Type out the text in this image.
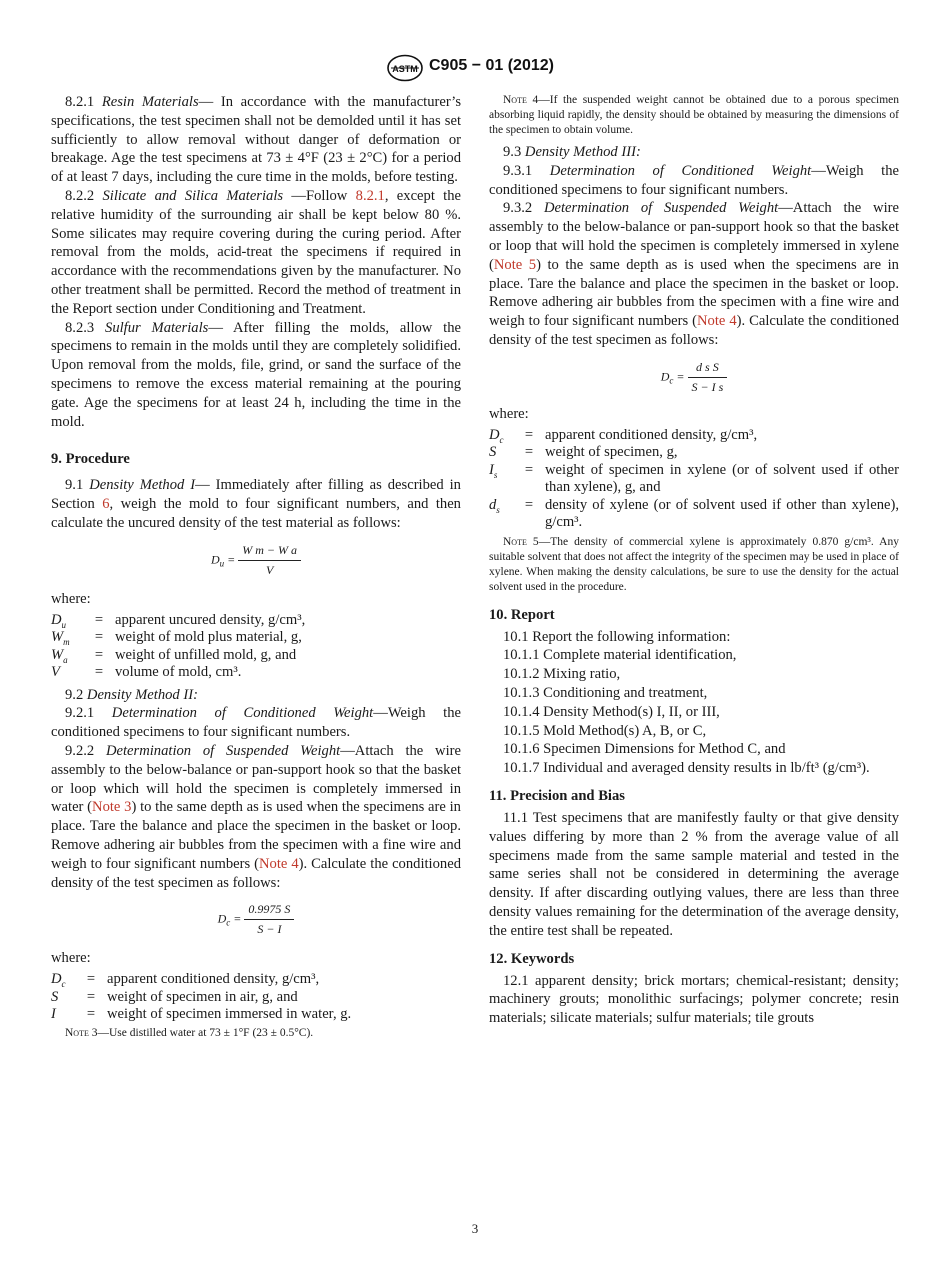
ASTM C905 − 01 (2012)

8.2.1 Resin Materials— In accordance with the manufacturer’s specifications, the test specimen shall not be demolded until it has set sufficiently to allow removal without danger of deformation or breakage. Age the test specimens at 73 ± 4°F (23 ± 2°C) for a period of at least 7 days, including the cure time in the molds, before testing.

8.2.2 Silicate and Silica Materials —Follow 8.2.1, except the relative humidity of the surrounding air shall be kept below 80 %. Some silicates may require covering during the curing period. After removal from the molds, acid-treat the specimens if required in accordance with the recommendations given by the manufacturer. No other treatment shall be permitted. Record the method of treatment in the Report section under Conditioning and Treatment.

8.2.3 Sulfur Materials— After filling the molds, allow the specimens to remain in the molds until they are completely solidified. Upon removal from the molds, file, grind, or sand the surface of the specimens to remove the excess material remaining at the pouring gate. Age the specimens for at least 24 h, including the time in the mold.

9. Procedure

9.1 Density Method I— Immediately after filling as described in Section 6, weigh the mold to four significant numbers, and then calculate the uncured density of the test material as follows:

$D_u = \frac{\text{W m − W a}}{V}$

where:

$D_u$	=	apparent uncured density, g/cm³,
$W_m$	=	weight of mold plus material, g,
$W_a$	=	weight of unfilled mold, g, and
V	=	volume of mold, cm³.

9.2 Density Method II:

9.2.1 Determination of Conditioned Weight—Weigh the conditioned specimens to four significant numbers.

9.2.2 Determination of Suspended Weight—Attach the wire assembly to the below-balance or pan-support hook so that the basket or loop which will hold the specimen is completely immersed in water (Note 3) to the same depth as is used when the specimens are in place. Tare the balance and place the specimen in the basket or loop. Remove adhering air bubbles from the specimen with a fine wire and weigh to four significant numbers (Note 4). Calculate the conditioned density of the test specimen as follows:

$D_c = \frac{0.9975 S}{S - I}$

where:

$D_c$	=	apparent conditioned density, g/cm³,
S	=	weight of specimen in air, g, and
I	=	weight of specimen immersed in water, g.

Note 3—Use distilled water at 73 ± 1°F (23 ± 0.5°C).

Note 4—If the suspended weight cannot be obtained due to a porous specimen absorbing liquid rapidly, the density should be obtained by measuring the dimensions of the specimen to obtain volume.

9.3 Density Method III:

9.3.1 Determination of Conditioned Weight—Weigh the conditioned specimens to four significant numbers.

9.3.2 Determination of Suspended Weight—Attach the wire assembly to the below-balance or pan-support hook so that the basket or loop that will hold the specimen is completely immersed in xylene (Note 5) to the same depth as is used when the specimens are in place. Tare the balance and place the specimen in the basket or loop. Remove adhering air bubbles from the specimen with a fine wire and weigh to four significant numbers (Note 4). Calculate the conditioned density of the test specimen as follows:

$D_c = \frac{\text{d s S}}{\text{S − I s}}$

where:

$D_c$	=	apparent conditioned density, g/cm³,
S	=	weight of specimen, g,
$I_s$	=	weight of specimen in xylene (or of solvent used if other than xylene), g, and
$d_s$	=	density of xylene (or of solvent used if other than xylene), g/cm³.

Note 5—The density of commercial xylene is approximately 0.870 g/cm³. Any suitable solvent that does not affect the integrity of the specimen may be used in place of xylene. When making the density calculations, be sure to use the density for the actual solvent used in the procedure.

10. Report

10.1 Report the following information:

10.1.1 Complete material identification,

10.1.2 Mixing ratio,

10.1.3 Conditioning and treatment,

10.1.4 Density Method(s) I, II, or III,

10.1.5 Mold Method(s) A, B, or C,

10.1.6 Specimen Dimensions for Method C, and

10.1.7 Individual and averaged density results in lb/ft³ (g/cm³).

11. Precision and Bias

11.1 Test specimens that are manifestly faulty or that give density values differing by more than 2 % from the average value of all specimens made from the same sample material and tested in the same series shall not be considered in determining the average density. If after discarding outlying values, there are less than three density values remaining for the determination of the average density, the entire test shall be repeated.

12. Keywords

12.1 apparent density; brick mortars; chemical-resistant; density; machinery grouts; monolithic surfacings; polymer concrete; resin materials; silicate materials; sulfur materials; tile grouts

3
